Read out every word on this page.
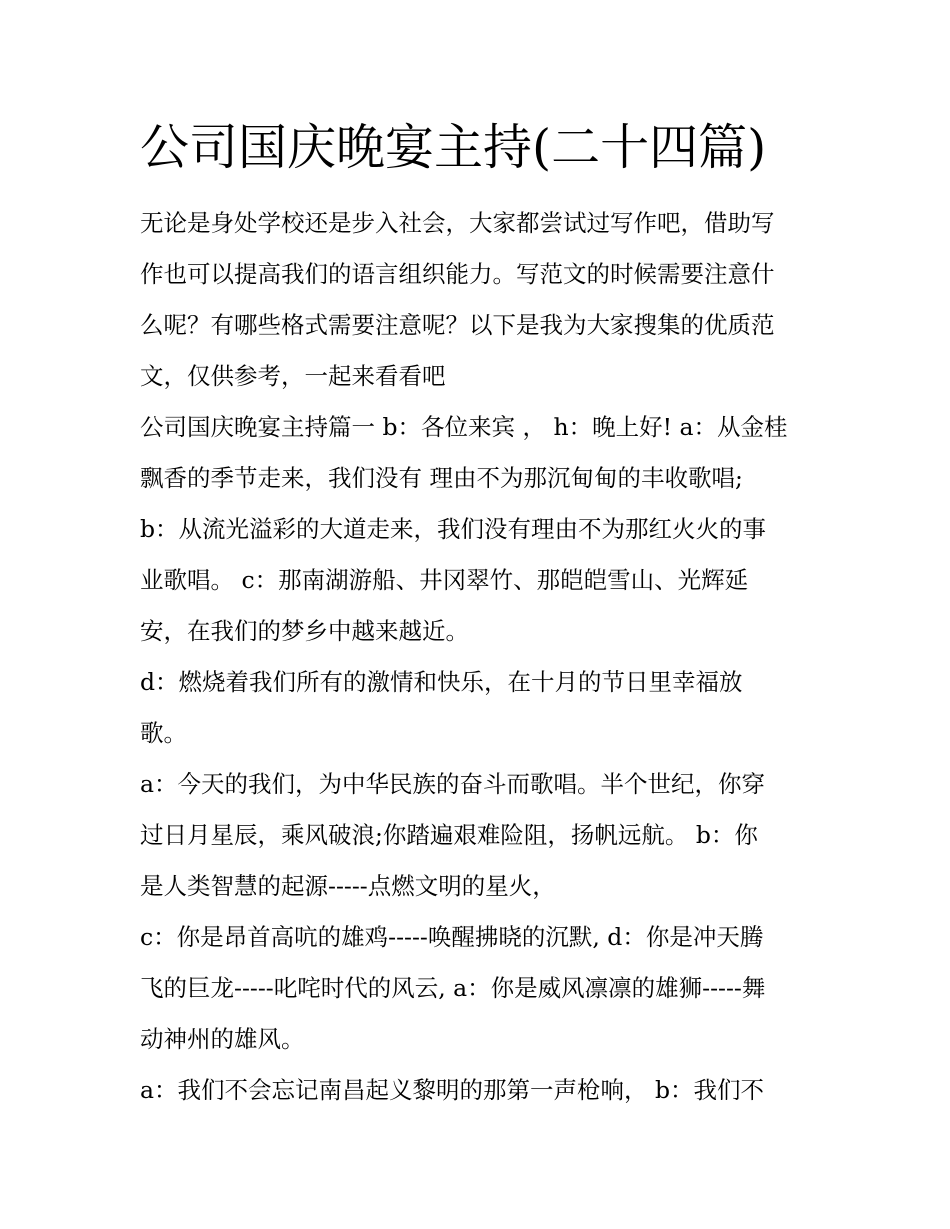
公司国庆晚宴主持(二十四篇)

无论是身处学校还是步入社会，大家都尝试过写作吧，借助写
作也可以提高我们的语言组织能力。写范文的时候需要注意什
么呢？有哪些格式需要注意呢？以下是我为大家搜集的优质范
文，仅供参考，一起来看看吧

公司国庆晚宴主持篇一 b：各位来宾 ， h：晚上好! a：从金桂
飘香的季节走来，我们没有 理由不为那沉甸甸的丰收歌唱;

b：从流光溢彩的大道走来，我们没有理由不为那红火火的事
业歌唱。 c：那南湖游船、井冈翠竹、那皑皑雪山、光辉延
安，在我们的梦乡中越来越近。

d：燃烧着我们所有的激情和快乐，在十月的节日里幸福放
歌。

a：今天的我们，为中华民族的奋斗而歌唱。半个世纪，你穿
过日月星辰，乘风破浪;你踏遍艰难险阻，扬帆远航。 b：你
是人类智慧的起源-----点燃文明的星火，

c：你是昂首高吭的雄鸡-----唤醒拂晓的沉默, d：你是冲天腾
飞的巨龙-----叱咤时代的风云, a：你是威风凛凛的雄狮-----舞
动神州的雄风。

a：我们不会忘记南昌起义黎明的那第一声枪响， b：我们不
